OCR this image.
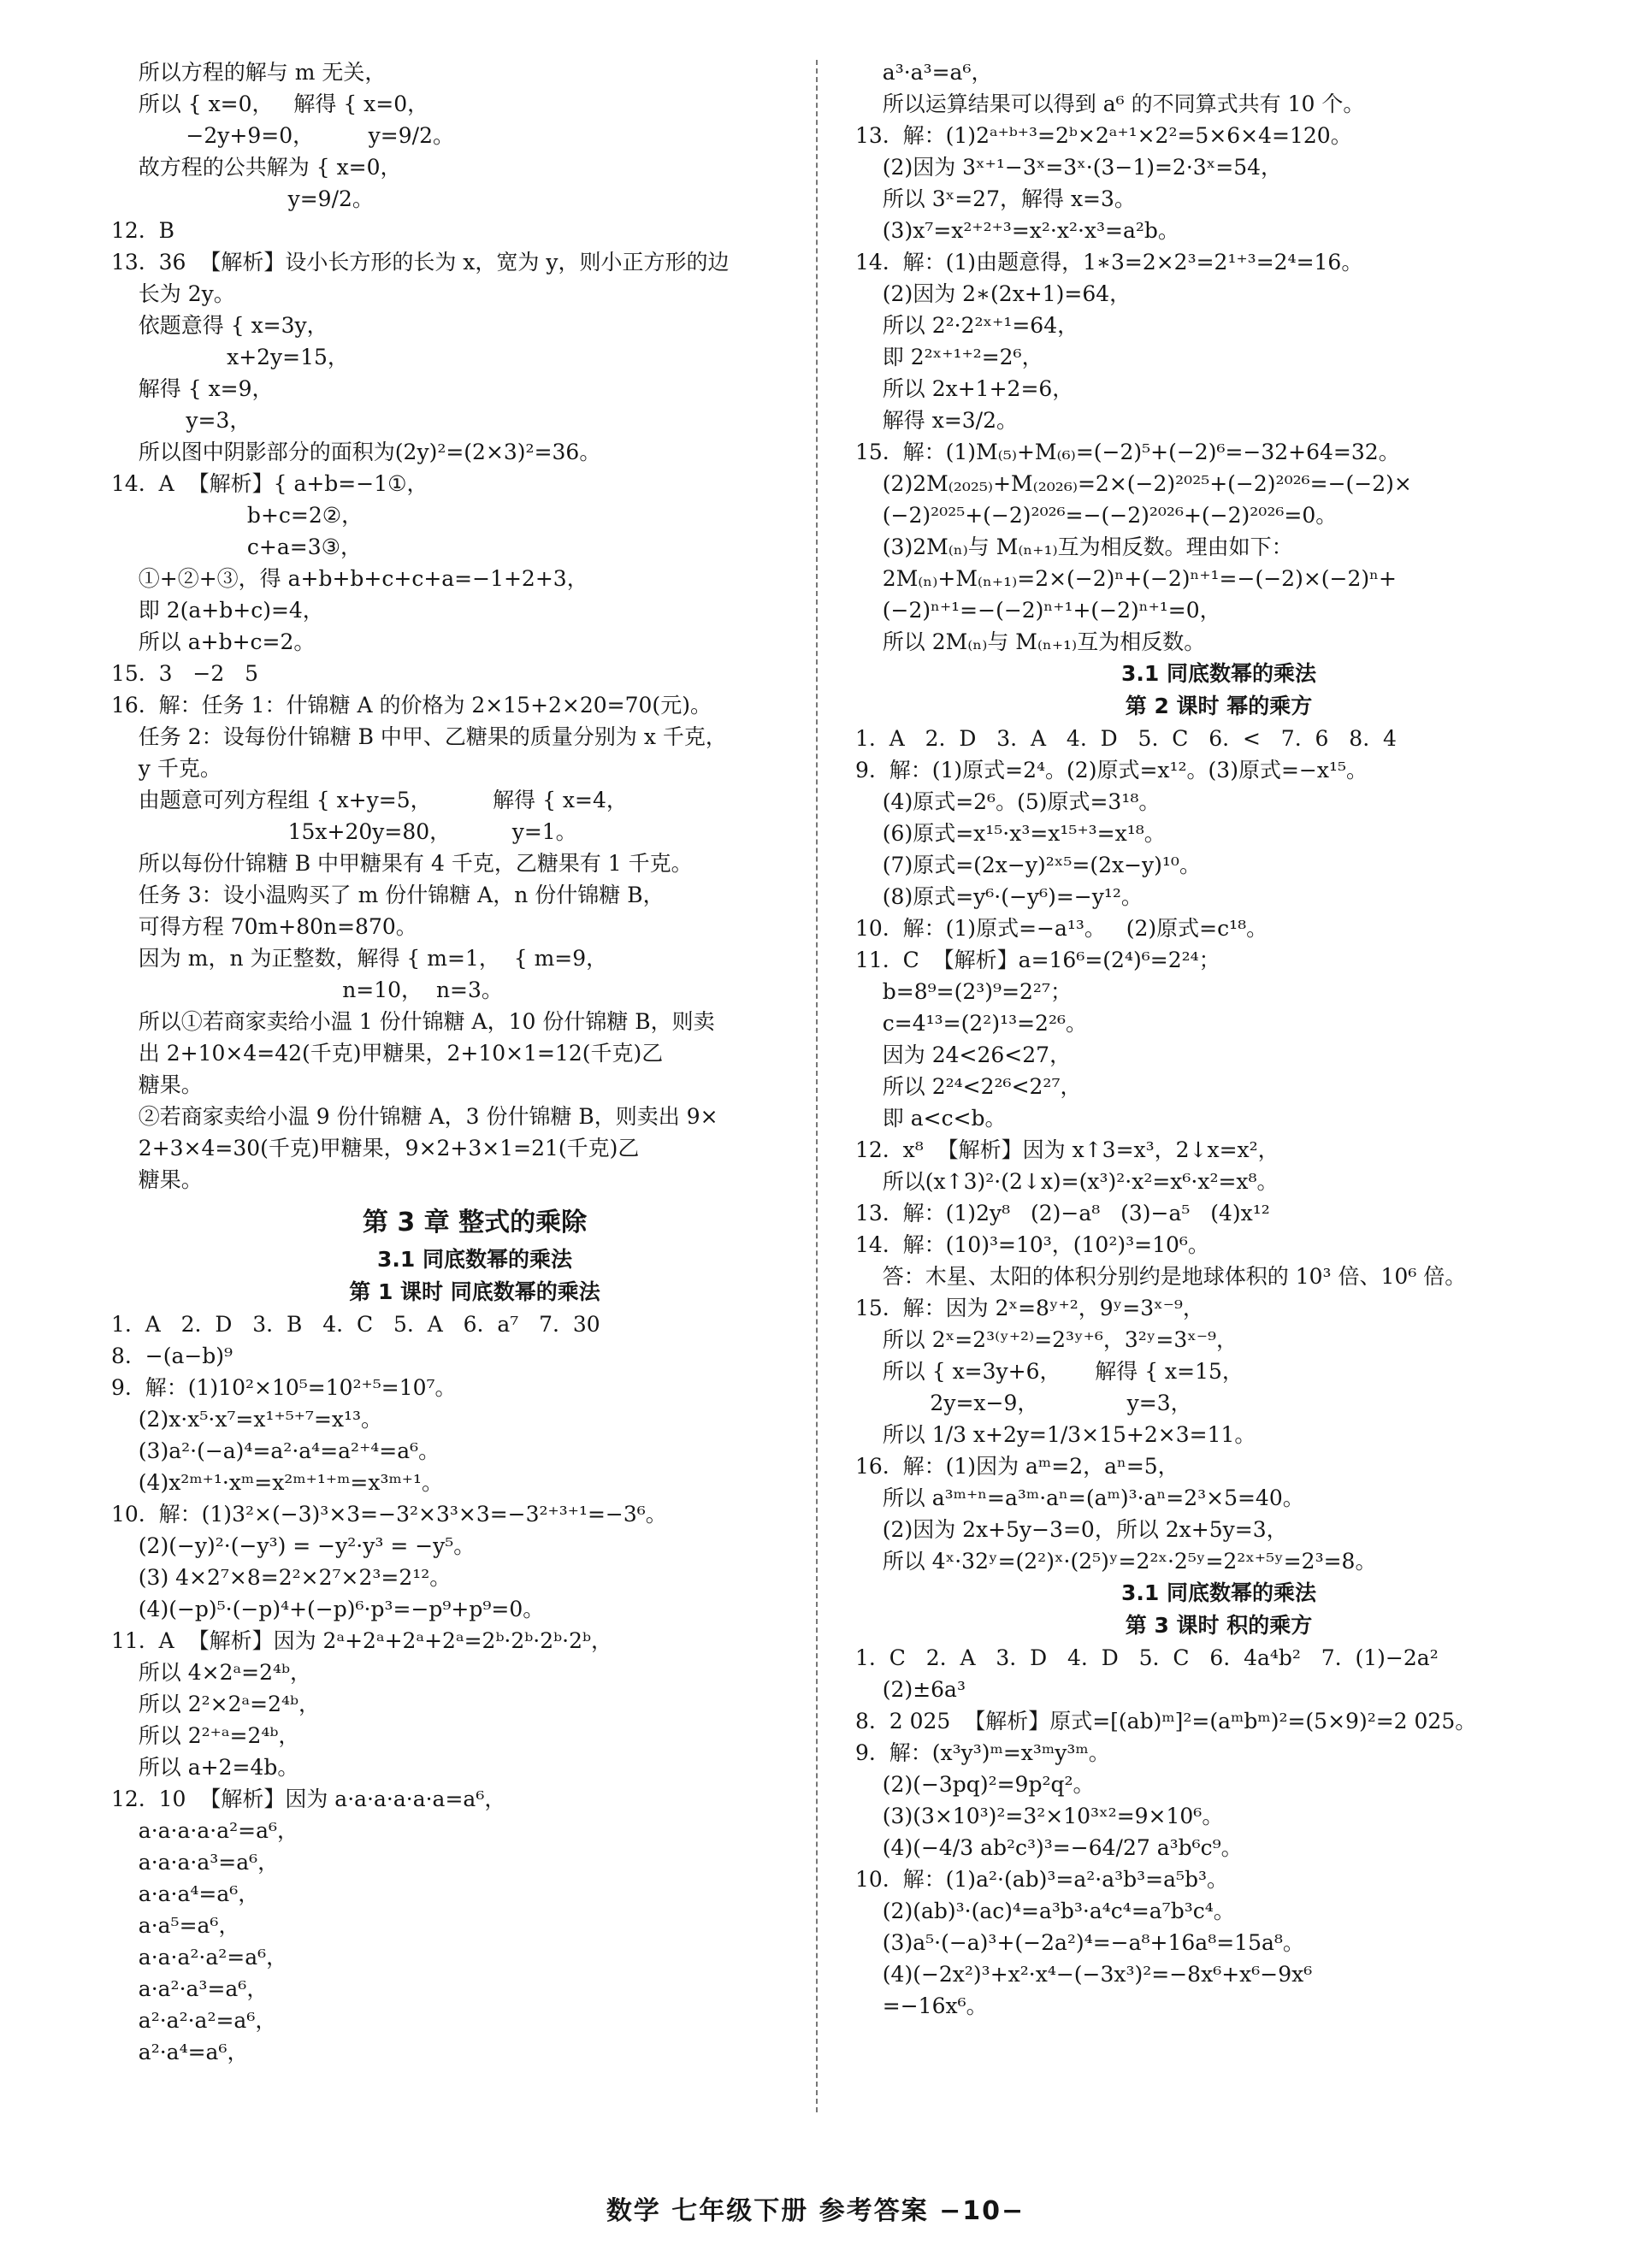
所以方程的解与 m 无关，
所以 { x=0，   解得 { x=0，
−2y+9=0，        y=9/2。
故方程的公共解为 { x=0，
y=9/2。
12.  B
13.  36  【解析】设小长方形的长为 x，宽为 y，则小正方形的边
长为 2y。
依题意得 { x=3y，
x+2y=15，
解得 { x=9，
y=3，
所以图中阴影部分的面积为(2y)²=(2×3)²=36。
14.  A  【解析】{ a+b=−1①，
b+c=2②，
c+a=3③，
①+②+③，得 a+b+b+c+c+a=−1+2+3，
即 2(a+b+c)=4，
所以 a+b+c=2。
15.  3   −2   5
16.  解：任务 1：什锦糖 A 的价格为 2×15+2×20=70(元)。
任务 2：设每份什锦糖 B 中甲、乙糖果的质量分别为 x 千克，
y 千克。
由题意可列方程组 { x+y=5，         解得 { x=4，
15x+20y=80，         y=1。
所以每份什锦糖 B 中甲糖果有 4 千克，乙糖果有 1 千克。
任务 3：设小温购买了 m 份什锦糖 A，n 份什锦糖 B，
可得方程 70m+80n=870。
因为 m，n 为正整数，解得 { m=1，  { m=9，
n=10，  n=3。
所以①若商家卖给小温 1 份什锦糖 A，10 份什锦糖 B，则卖
出 2+10×4=42(千克)甲糖果，2+10×1=12(千克)乙
糖果。
②若商家卖给小温 9 份什锦糖 A，3 份什锦糖 B，则卖出 9×
2+3×4=30(千克)甲糖果，9×2+3×1=21(千克)乙
糖果。
第 3 章 整式的乘除
3.1 同底数幂的乘法
第 1 课时 同底数幂的乘法
1.  A   2.  D   3.  B   4.  C   5.  A   6.  a⁷   7.  30
8.  −(a−b)⁹
9.  解：(1)10²×10⁵=10²⁺⁵=10⁷。
(2)x·x⁵·x⁷=x¹⁺⁵⁺⁷=x¹³。
(3)a²·(−a)⁴=a²·a⁴=a²⁺⁴=a⁶。
(4)x²ᵐ⁺¹·xᵐ=x²ᵐ⁺¹⁺ᵐ=x³ᵐ⁺¹。
10.  解：(1)3²×(−3)³×3=−3²×3³×3=−3²⁺³⁺¹=−3⁶。
(2)(−y)²·(−y³) = −y²·y³ = −y⁵。
(3) 4×2⁷×8=2²×2⁷×2³=2¹²。
(4)(−p)⁵·(−p)⁴+(−p)⁶·p³=−p⁹+p⁹=0。
11.  A  【解析】因为 2ᵃ+2ᵃ+2ᵃ+2ᵃ=2ᵇ·2ᵇ·2ᵇ·2ᵇ，
所以 4×2ᵃ=2⁴ᵇ，
所以 2²×2ᵃ=2⁴ᵇ，
所以 2²⁺ᵃ=2⁴ᵇ，
所以 a+2=4b。
12.  10  【解析】因为 a·a·a·a·a·a=a⁶，
a·a·a·a·a²=a⁶，
a·a·a·a³=a⁶，
a·a·a⁴=a⁶，
a·a⁵=a⁶，
a·a·a²·a²=a⁶，
a·a²·a³=a⁶，
a²·a²·a²=a⁶，
a²·a⁴=a⁶，
a³·a³=a⁶，
所以运算结果可以得到 a⁶ 的不同算式共有 10 个。
13.  解：(1)2ᵃ⁺ᵇ⁺³=2ᵇ×2ᵃ⁺¹×2²=5×6×4=120。
(2)因为 3ˣ⁺¹−3ˣ=3ˣ·(3−1)=2·3ˣ=54，
所以 3ˣ=27，解得 x=3。
(3)x⁷=x²⁺²⁺³=x²·x²·x³=a²b。
14.  解：(1)由题意得，1∗3=2×2³=2¹⁺³=2⁴=16。
(2)因为 2∗(2x+1)=64，
所以 2²·2²ˣ⁺¹=64，
即 2²ˣ⁺¹⁺²=2⁶，
所以 2x+1+2=6，
解得 x=3/2。
15.  解：(1)M₍₅₎+M₍₆₎=(−2)⁵+(−2)⁶=−32+64=32。
(2)2M₍₂₀₂₅₎+M₍₂₀₂₆₎=2×(−2)²⁰²⁵+(−2)²⁰²⁶=−(−2)×
(−2)²⁰²⁵+(−2)²⁰²⁶=−(−2)²⁰²⁶+(−2)²⁰²⁶=0。
(3)2M₍ₙ₎与 M₍ₙ₊₁₎互为相反数。理由如下：
2M₍ₙ₎+M₍ₙ₊₁₎=2×(−2)ⁿ+(−2)ⁿ⁺¹=−(−2)×(−2)ⁿ+
(−2)ⁿ⁺¹=−(−2)ⁿ⁺¹+(−2)ⁿ⁺¹=0，
所以 2M₍ₙ₎与 M₍ₙ₊₁₎互为相反数。
3.1 同底数幂的乘法
第 2 课时 幂的乘方
1.  A   2.  D   3.  A   4.  D   5.  C   6.  <   7.  6   8.  4
9.  解：(1)原式=2⁴。(2)原式=x¹²。(3)原式=−x¹⁵。
(4)原式=2⁶。(5)原式=3¹⁸。
(6)原式=x¹⁵·x³=x¹⁵⁺³=x¹⁸。
(7)原式=(2x−y)²ˣ⁵=(2x−y)¹⁰。
(8)原式=y⁶·(−y⁶)=−y¹²。
10.  解：(1)原式=−a¹³。   (2)原式=c¹⁸。
11.  C  【解析】a=16⁶=(2⁴)⁶=2²⁴；
b=8⁹=(2³)⁹=2²⁷；
c=4¹³=(2²)¹³=2²⁶。
因为 24<26<27，
所以 2²⁴<2²⁶<2²⁷，
即 a<c<b。
12.  x⁸  【解析】因为 x↑3=x³，2↓x=x²，
所以(x↑3)²·(2↓x)=(x³)²·x²=x⁶·x²=x⁸。
13.  解：(1)2y⁸   (2)−a⁸   (3)−a⁵   (4)x¹²
14.  解：(10)³=10³，(10²)³=10⁶。
答：木星、太阳的体积分别约是地球体积的 10³ 倍、10⁶ 倍。
15.  解：因为 2ˣ=8ʸ⁺²，9ʸ=3ˣ⁻⁹，
所以 2ˣ=2³⁽ʸ⁺²⁾=2³ʸ⁺⁶，3²ʸ=3ˣ⁻⁹，
所以 { x=3y+6，     解得 { x=15，
2y=x−9，             y=3，
所以 1/3 x+2y=1/3×15+2×3=11。
16.  解：(1)因为 aᵐ=2，aⁿ=5，
所以 a³ᵐ⁺ⁿ=a³ᵐ·aⁿ=(aᵐ)³·aⁿ=2³×5=40。
(2)因为 2x+5y−3=0，所以 2x+5y=3，
所以 4ˣ·32ʸ=(2²)ˣ·(2⁵)ʸ=2²ˣ·2⁵ʸ=2²ˣ⁺⁵ʸ=2³=8。
3.1 同底数幂的乘法
第 3 课时 积的乘方
1.  C   2.  A   3.  D   4.  D   5.  C   6.  4a⁴b²   7.  (1)−2a²
(2)±6a³
8.  2 025  【解析】原式=[(ab)ᵐ]²=(aᵐbᵐ)²=(5×9)²=2 025。
9.  解：(x³y³)ᵐ=x³ᵐy³ᵐ。
(2)(−3pq)²=9p²q²。
(3)(3×10³)²=3²×10³ˣ²=9×10⁶。
(4)(−4/3 ab²c³)³=−64/27 a³b⁶c⁹。
10.  解：(1)a²·(ab)³=a²·a³b³=a⁵b³。
(2)(ab)³·(ac)⁴=a³b³·a⁴c⁴=a⁷b³c⁴。
(3)a⁵·(−a)³+(−2a²)⁴=−a⁸+16a⁸=15a⁸。
(4)(−2x²)³+x²·x⁴−(−3x³)²=−8x⁶+x⁶−9x⁶
=−16x⁶。
数学 七年级下册 参考答案 −10−
